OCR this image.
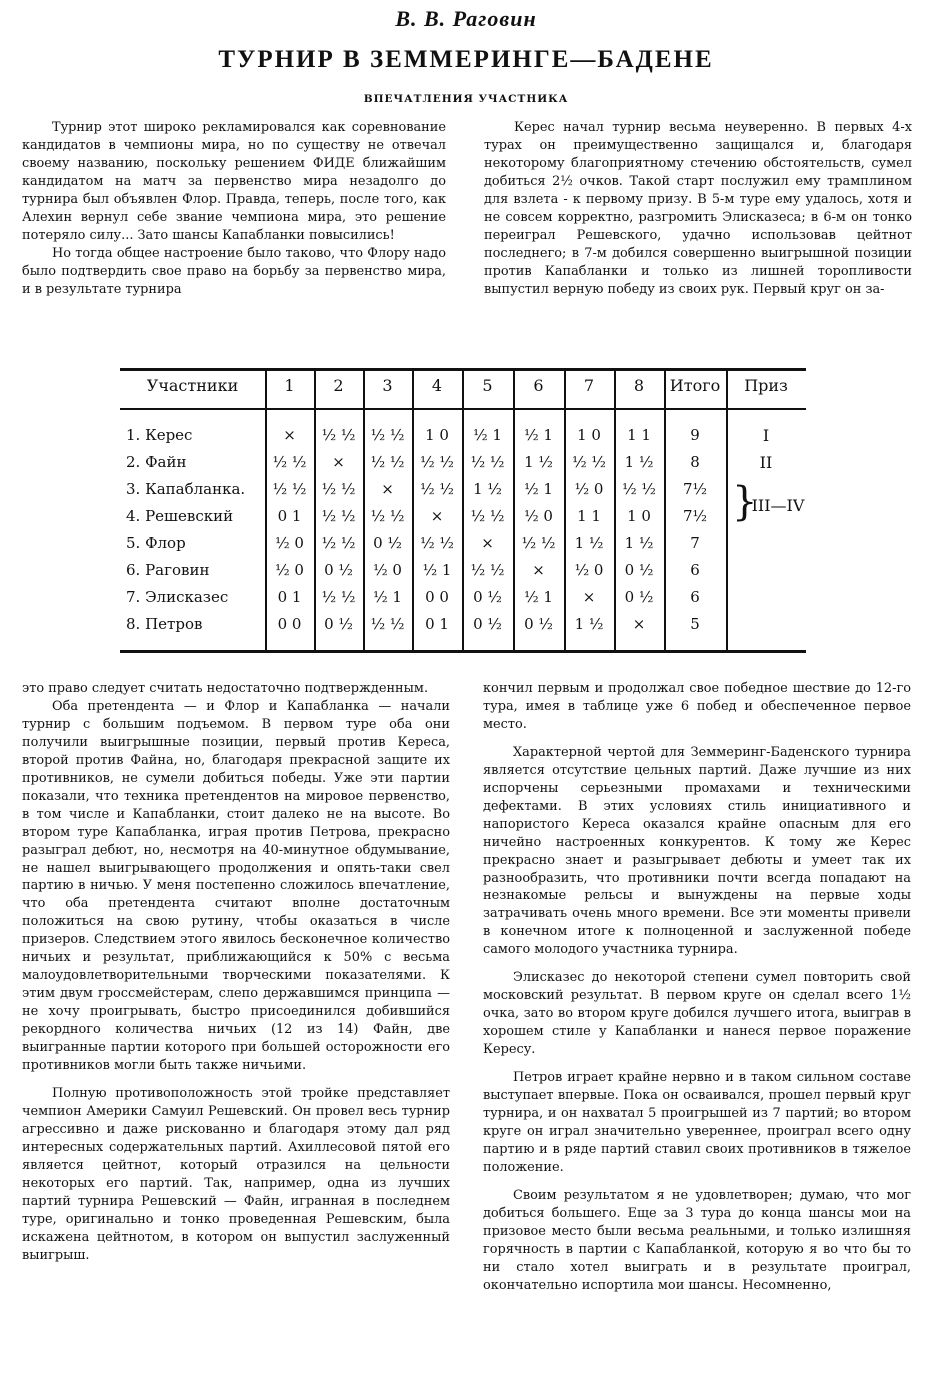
В. В. Раговин
ТУРНИР В ЗЕММЕРИНГЕ—БАДЕНЕ
ВПЕЧАТЛЕНИЯ УЧАСТНИКА

Турнир этот широко рекламировался как соревнование кандидатов в чемпионы мира, но по существу не отвечал своему названию, поскольку решением ФИДЕ ближайшим кандидатом на матч за первенство мира незадолго до турнира был объявлен Флор. Правда, теперь, после того, как Алехин вернул себе звание чемпиона мира, это решение потеряло силу... Зато шансы Капабланки повысились!

Но тогда общее настроение было таково, что Флору надо было подтвердить свое право на борьбу за первенство мира, и в результате турнира

Керес начал турнир весьма неуверенно. В первых 4-х турах он преимущественно защищался и, благодаря некоторому благоприятному стечению обстоятельств, сумел добиться 2½ очков. Такой старт послужил ему трамплином для взлета - к первому призу. В 5-м туре ему удалось, хотя и не совсем корректно, разгромить Элисказеса; в 6-м он тонко переиграл Решевского, удачно использовав цейтнот последнего; в 7-м добился совершенно выигрышной позиции против Капабланки и только из лишней торопливости выпустил верную победу из своих рук. Первый круг он за-

Участники	1	2	3	4	5	6	7	8	Итого	Приз
1. Керес	×	½ ½	½ ½	1 0	½ 1	½ 1	1 0	1 1	9	I
2. Файн	½ ½	×	½ ½	½ ½	½ ½	1 ½	½ ½	1 ½	8	II
3. Капабланка.	½ ½	½ ½	×	½ ½	1 ½	½ 1	½ 0	½ ½	7½
4. Решевский	0 1	½ ½	½ ½	×	½ ½	½ 0	1 1	1 0	7½
5. Флор	½ 0	½ ½	0 ½	½ ½	×	½ ½	1 ½	1 ½	7
6. Раговин	½ 0	0 ½	½ 0	½ 1	½ ½	×	½ 0	0 ½	6
7. Элисказес	0 1	½ ½	½ 1	0 0	0 ½	½ 1	×	0 ½	6
8. Петров	0 0	0 ½	½ ½	0 1	0 ½	0 ½	1 ½	×	5
}
III—IV

это право следует считать недостаточно подтвержденным.

Оба претендента — и Флор и Капабланка — начали турнир с большим подъемом. В первом туре оба они получили выигрышные позиции, первый против Кереса, второй против Файна, но, благодаря прекрасной защите их противников, не сумели добиться победы. Уже эти партии показали, что техника претендентов на мировое первенство, в том числе и Капабланки, стоит далеко не на высоте. Во втором туре Капабланка, играя против Петрова, прекрасно разыграл дебют, но, несмотря на 40-минутное обдумывание, не нашел выигрывающего продолжения и опять-таки свел партию в ничью. У меня постепенно сложилось впечатление, что оба претендента считают вполне достаточным положиться на свою рутину, чтобы оказаться в числе призеров. Следствием этого явилось бесконечное количество ничьих и результат, приближающийся к 50% с весьма малоудовлетворительными творческими показателями. К этим двум гроссмейстерам, слепо державшимся принципа — не хочу проигрывать, быстро присоединился добившийся рекордного количества ничьих (12 из 14) Файн, две выигранные партии которого при большей осторожности его противников могли быть также ничьими.

Полную противоположность этой тройке представляет чемпион Америки Самуил Решевский. Он провел весь турнир агрессивно и даже рискованно и благодаря этому дал ряд интересных содержательных партий. Ахиллесовой пятой его является цейтнот, который отразился на цельности некоторых его партий. Так, например, одна из лучших партий турнира Решевский — Файн, игранная в последнем туре, оригинально и тонко проведенная Решевским, была искажена цейтнотом, в котором он выпустил заслуженный выигрыш.

кончил первым и продолжал свое победное шествие до 12-го тура, имея в таблице уже 6 побед и обеспеченное первое место.

Характерной чертой для Земмеринг-Баденского турнира является отсутствие цельных партий. Даже лучшие из них испорчены серьезными промахами и техническими дефектами. В этих условиях стиль инициативного и напористого Кереса оказался крайне опасным для его ничейно настроенных конкурентов. К тому же Керес прекрасно знает и разыгрывает дебюты и умеет так их разнообразить, что противники почти всегда попадают на незнакомые рельсы и вынуждены на первые ходы затрачивать очень много времени. Все эти моменты привели в конечном итоге к полноценной и заслуженной победе самого молодого участника турнира.

Элисказес до некоторой степени сумел повторить свой московский результат. В первом круге он сделал всего 1½ очка, зато во втором круге добился лучшего итога, выиграв в хорошем стиле у Капабланки и нанеся первое поражение Кересу.

Петров играет крайне нервно и в таком сильном составе выступает впервые. Пока он осваивался, прошел первый круг турнира, и он нахватал 5 проигрышей из 7 партий; во втором круге он играл значительно увереннее, проиграл всего одну партию и в ряде партий ставил своих противников в тяжелое положение.

Своим результатом я не удовлетворен; думаю, что мог добиться большего. Еще за 3 тура до конца шансы мои на призовое место были весьма реальными, и только излишняя горячность в партии с Капабланкой, которую я во что бы то ни стало хотел выиграть и в результате проиграл, окончательно испортила мои шансы. Несомненно,
